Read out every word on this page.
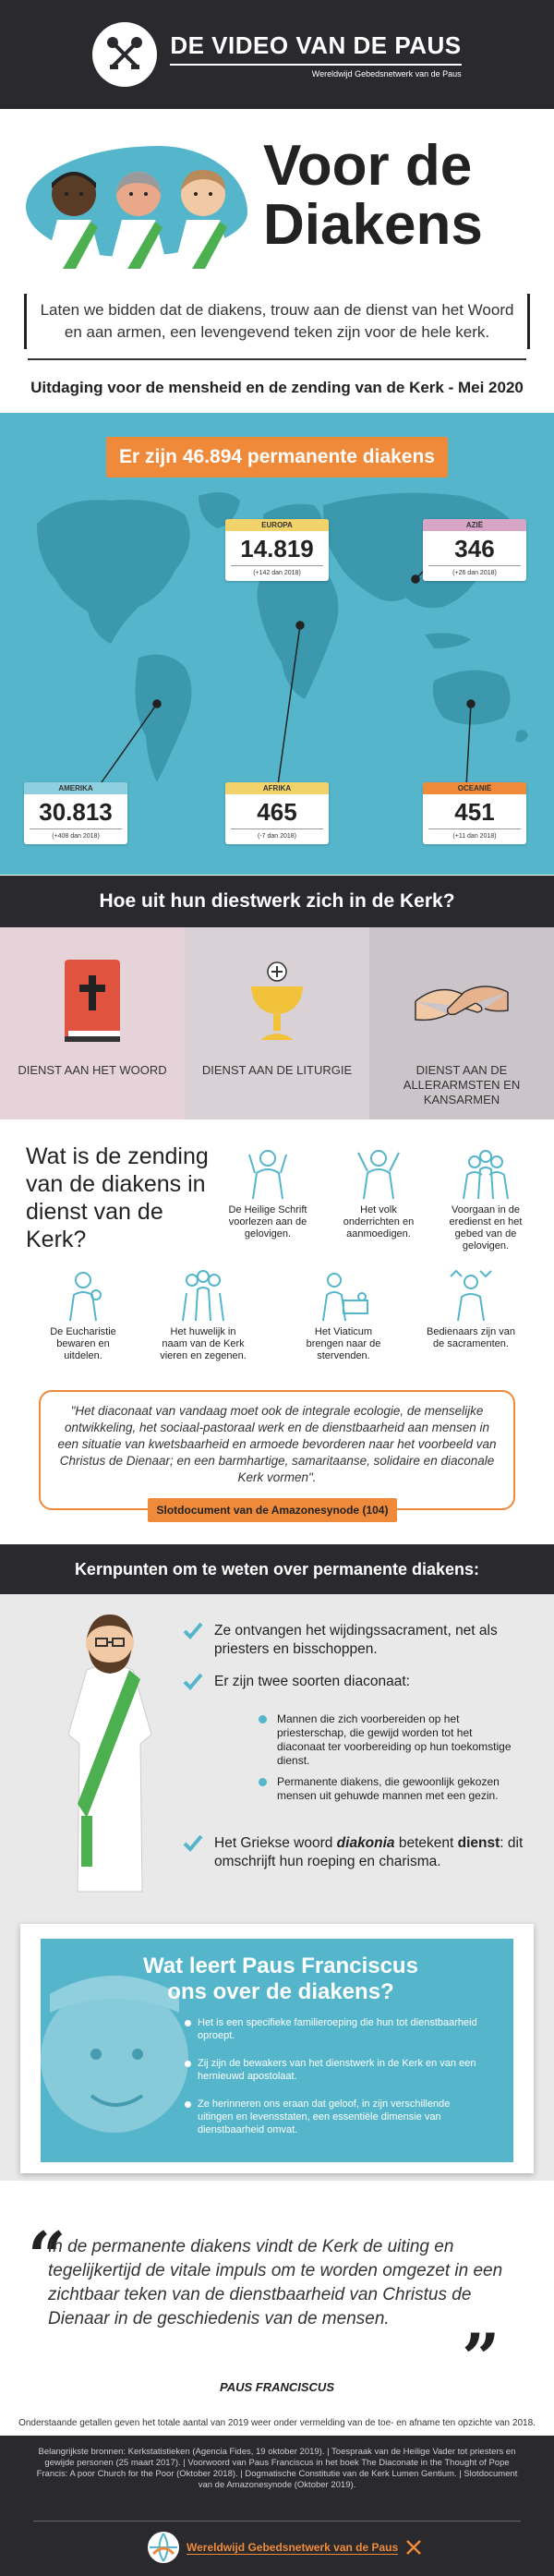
DE VIDEO VAN DE PAUS
Wereldwijd Gebedsnetwerk van de Paus
Voor de
Diakens
Laten we bidden dat de diakens, trouw aan de dienst van het Woord en aan armen, een levengevend teken zijn voor de hele kerk.
Uitdaging voor de mensheid en de zending van de Kerk - Mei 2020
Er zijn 46.894 permanente diakens
EUROPA
14.819
(+142 dan 2018)
AZIË
346
(+26 dan 2018)
AMERIKA
30.813
(+408 dan 2018)
AFRIKA
465
(-7 dan 2018)
OCEANIË
451
(+11 dan 2018)
Hoe uit hun diestwerk zich in de Kerk?
DIENST AAN HET WOORD	DIENST AAN DE LITURGIE	DIENST AAN DE ALLERARMSTEN EN KANSARMEN
Wat is de zending van de diakens in dienst van de Kerk?
De Heilige Schrift voorlezen aan de gelovigen.
Het volk onderrichten en aanmoedigen.
Voorgaan in de eredienst en het gebed van de gelovigen.
De Eucharistie bewaren en uitdelen.
Het huwelijk in naam van de Kerk vieren en zegenen.
Het Viaticum brengen naar de stervenden.
Bedienaars zijn van de sacramenten.
"Het diaconaat van vandaag moet ook de integrale ecologie, de menselijke ontwikkeling, het sociaal-pastoraal werk en de dienstbaarheid aan mensen in een situatie van kwetsbaarheid en armoede bevorderen naar het voorbeeld van Christus de Dienaar; en een barmhartige, samaritaanse, solidaire en diaconale Kerk vormen".
Slotdocument van de Amazonesynode (104)
Kernpunten om te weten over permanente diakens:
Ze ontvangen het wijdingssacrament, net als priesters en bisschoppen.
Er zijn twee soorten diaconaat:
Mannen die zich voorbereiden op het priesterschap, die gewijd worden tot het diaconaat ter voorbereiding op hun toekomstige dienst.
Permanente diakens, die gewoonlijk gekozen mensen uit gehuwde mannen met een gezin.
Het Griekse woord diakonia betekent dienst: dit omschrijft hun roeping en charisma.
Wat leert Paus Franciscus ons over de diakens?
Het is een specifieke familieroeping die hun tot dienstbaarheid oproept.
Zij zijn de bewakers van het dienstwerk in de Kerk en van een hernieuwd apostolaat.
Ze herinneren ons eraan dat geloof, in zijn verschillende uitingen en levensstaten, een essentiële dimensie van dienstbaarheid omvat.
“
In de permanente diakens vindt de Kerk de uiting en tegelijkertijd de vitale impuls om te worden omgezet in een zichtbaar teken van de dienstbaarheid van Christus de Dienaar in de geschiedenis van de mensen.	”
PAUS FRANCISCUS
Onderstaande getallen geven het totale aantal van 2019 weer onder vermelding van de toe- en afname ten opzichte van 2018.
Belangrijkste bronnen: Kerkstatistieken (Agencia Fides, 19 oktober 2019). | Toespraak van de Heilige Vader tot priesters en gewijde personen (25 maart 2017). | Voorwoord van Paus Franciscus in het boek The Diaconate in the Thought of Pope Francis: A poor Church for the Poor (Oktober 2018). | Dogmatische Constitutie van de Kerk Lumen Gentium. | Slotdocument van de Amazonesynode (Oktober 2019).
Wereldwijd Gebedsnetwerk van de Paus
